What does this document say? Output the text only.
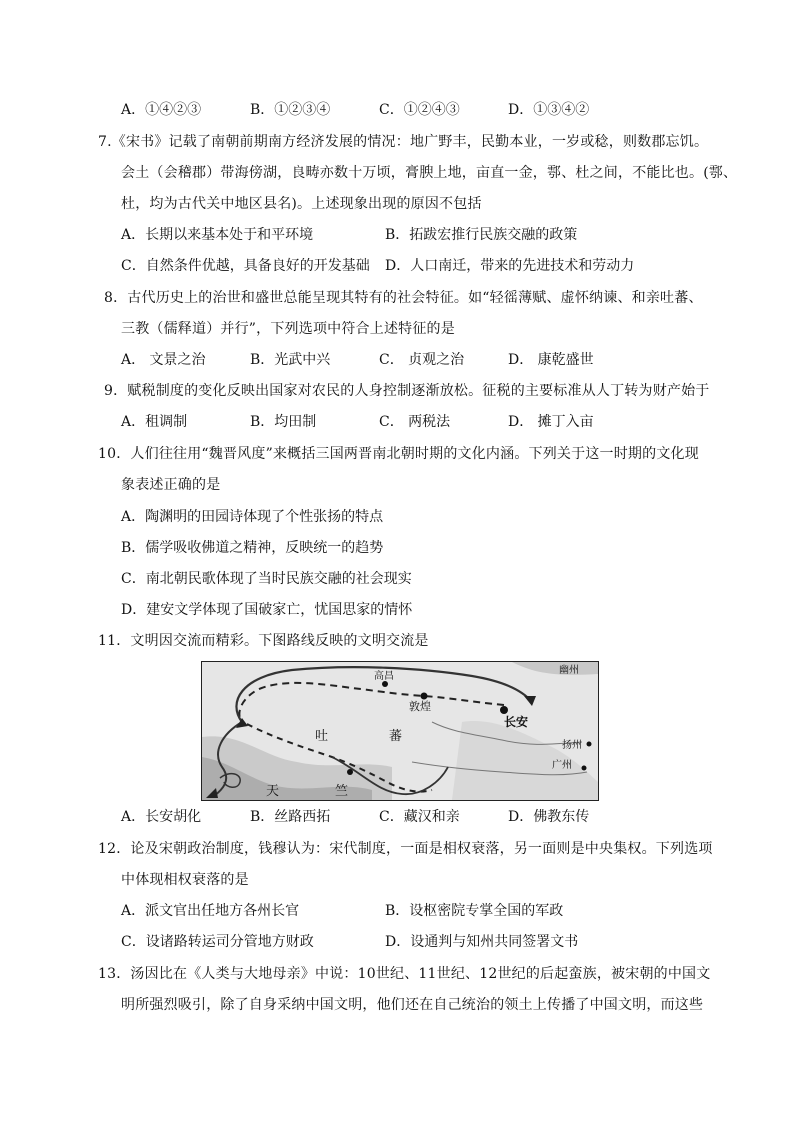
A．①④②③	B．①②③④	C．①②④③	D．①③④②
7.《宋书》记载了南朝前期南方经济发展的情况：地广野丰，民勤本业，一岁或稔，则数郡忘饥。
会土（会稽郡）带海傍湖，良畴亦数十万顷，膏腴上地，亩直一金，鄠、杜之间，不能比也。(鄠、
杜，均为古代关中地区县名)。上述现象出现的原因不包括
A．长期以来基本处于和平环境	B．拓跋宏推行民族交融的政策
C．自然条件优越，具备良好的开发基础 D．人口南迁，带来的先进技术和劳动力
8．古代历史上的治世和盛世总能呈现其特有的社会特征。如“轻徭薄赋、虚怀纳谏、和亲吐蕃、
三教（儒释道）并行”，下列选项中符合上述特征的是
A． 文景之治	B．光武中兴	C． 贞观之治	D． 康乾盛世
9．赋税制度的变化反映出国家对农民的人身控制逐渐放松。征税的主要标准从人丁转为财产始于
A．租调制	B．均田制	C． 两税法	D． 摊丁入亩
10．人们往往用“魏晋风度”来概括三国两晋南北朝时期的文化内涵。下列关于这一时期的文化现
象表述正确的是
A．陶渊明的田园诗体现了个性张扬的特点
B．儒学吸收佛道之精神，反映统一的趋势
C．南北朝民歌体现了当时民族交融的社会现实
D．建安文学体现了国破家亡，忧国思家的情怀
11．文明因交流而精彩。下图路线反映的文明交流是
幽州
高昌
敦煌
长安
吐	蕃
扬州
广州
天	竺
A．长安胡化	B．丝路西拓	C．藏汉和亲	D．佛教东传
12．论及宋朝政治制度，钱穆认为：宋代制度，一面是相权衰落，另一面则是中央集权。下列选项
中体现相权衰落的是
A．派文官出任地方各州长官	B．设枢密院专掌全国的军政
C．设诸路转运司分管地方财政	D．设通判与知州共同签署文书
13．汤因比在《人类与大地母亲》中说：10世纪、11世纪、12世纪的后起蛮族，被宋朝的中国文
明所强烈吸引，除了自身采纳中国文明，他们还在自己统治的领土上传播了中国文明，而这些
